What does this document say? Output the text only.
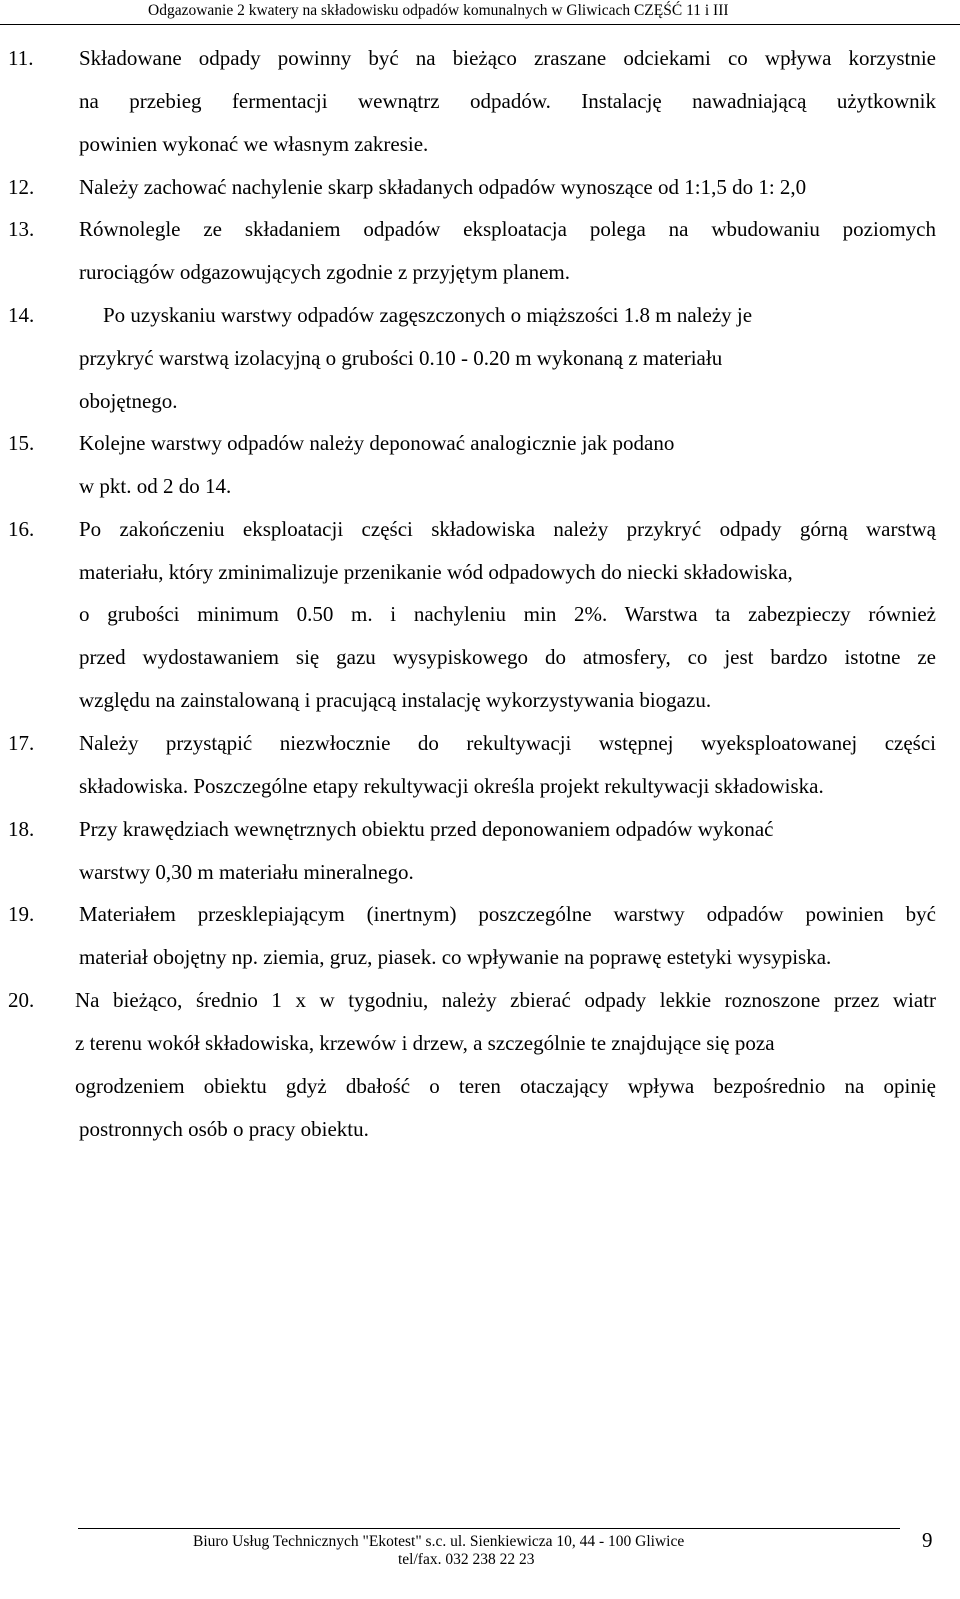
Odgazowanie 2 kwatery na składowisku odpadów komunalnych w Gliwicach CZĘŚĆ 11 i III
11. Składowane odpady powinny być na bieżąco zraszane odciekami co wpływa korzystnie
na przebieg fermentacji wewnątrz odpadów. Instalację nawadniającą użytkownik
powinien wykonać we własnym zakresie.
12. Należy zachować nachylenie skarp składanych odpadów wynoszące od 1:1,5 do 1: 2,0
13. Równolegle ze składaniem odpadów eksploatacja polega na wbudowaniu poziomych
rurociągów odgazowujących zgodnie z przyjętym planem.
14.	Po uzyskaniu warstwy odpadów zagęszczonych o miąższości 1.8 m należy je
przykryć warstwą izolacyjną o grubości 0.10 - 0.20 m wykonaną z materiału
obojętnego.
15. Kolejne warstwy odpadów należy deponować analogicznie jak podano
w pkt. od 2 do 14.
16. Po zakończeniu eksploatacji części składowiska należy przykryć odpady górną warstwą
materiału, który zminimalizuje przenikanie wód odpadowych do niecki składowiska,
o grubości minimum 0.50 m. i nachyleniu min 2%. Warstwa ta zabezpieczy również
przed wydostawaniem się gazu wysypiskowego do atmosfery, co jest bardzo istotne ze
względu na zainstalowaną i pracującą instalację wykorzystywania biogazu.
17. Należy przystąpić niezwłocznie do rekultywacji wstępnej wyeksploatowanej części
składowiska. Poszczególne etapy rekultywacji określa projekt rekultywacji składowiska.
18. Przy krawędziach wewnętrznych obiektu przed deponowaniem odpadów wykonać
warstwy 0,30 m materiału mineralnego.
19. Materiałem przesklepiającym (inertnym) poszczególne warstwy odpadów powinien być
materiał obojętny np. ziemia, gruz, piasek. co wpływanie na poprawę estetyki wysypiska.
20. Na bieżąco, średnio 1 x w tygodniu, należy zbierać odpady lekkie roznoszone przez wiatr
z terenu wokół składowiska, krzewów i drzew, a szczególnie te znajdujące się poza
ogrodzeniem obiektu gdyż dbałość o teren otaczający wpływa bezpośrednio na opinię
postronnych osób o pracy obiektu.
Biuro Usług Technicznych "Ekotest" s.c. ul. Sienkiewicza 10, 44 - 100 Gliwice
tel/fax. 032 238 22 23
9
